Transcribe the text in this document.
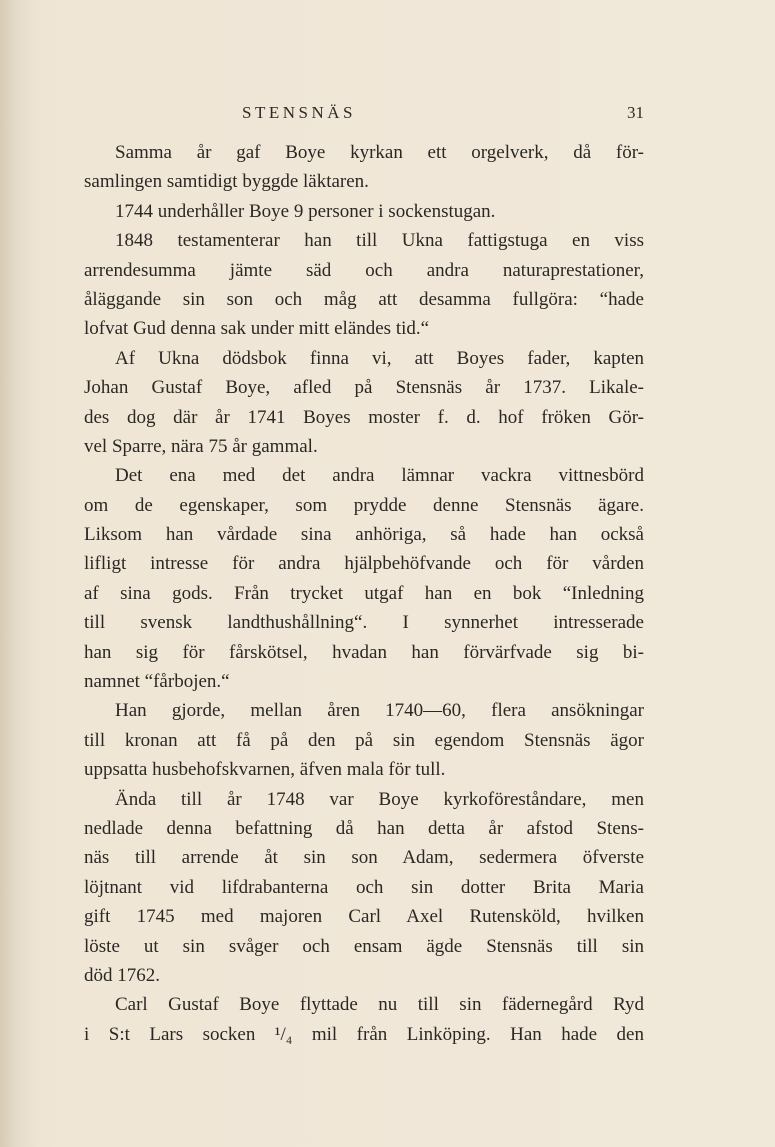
STENSNÄS	31
Samma år gaf Boye kyrkan ett orgelverk, då för-
samlingen samtidigt byggde läktaren.
1744 underhåller Boye 9 personer i sockenstugan.
1848 testamenterar han till Ukna fattigstuga en viss
arrendesumma jämte säd och andra naturaprestationer,
åläggande sin son och måg att desamma fullgöra: “hade
lofvat Gud denna sak under mitt eländes tid.“
Af Ukna dödsbok finna vi, att Boyes fader, kapten
Johan Gustaf Boye, afled på Stensnäs år 1737. Likale-
des dog där år 1741 Boyes moster f. d. hof fröken Gör-
vel Sparre, nära 75 år gammal.
Det ena med det andra lämnar vackra vittnesbörd
om de egenskaper, som prydde denne Stensnäs ägare.
Liksom han vårdade sina anhöriga, så hade han också
lifligt intresse för andra hjälpbehöfvande och för vården
af sina gods. Från trycket utgaf han en bok “Inledning
till svensk landthushållning“. I synnerhet intresserade
han sig för fårskötsel, hvadan han förvärfvade sig bi-
namnet “fårbojen.“
Han gjorde, mellan åren 1740—60, flera ansökningar
till kronan att få på den på sin egendom Stensnäs ägor
uppsatta husbehofskvarnen, äfven mala för tull.
Ända till år 1748 var Boye kyrkoföreståndare, men
nedlade denna befattning då han detta år afstod Stens-
näs till arrende åt sin son Adam, sedermera öfverste
löjtnant vid lifdrabanterna och sin dotter Brita Maria
gift 1745 med majoren Carl Axel Rutensköld, hvilken
löste ut sin svåger och ensam ägde Stensnäs till sin
död 1762.
Carl Gustaf Boye flyttade nu till sin fädernegård Ryd
i S:t Lars socken ¹/₄ mil från Linköping. Han hade den
